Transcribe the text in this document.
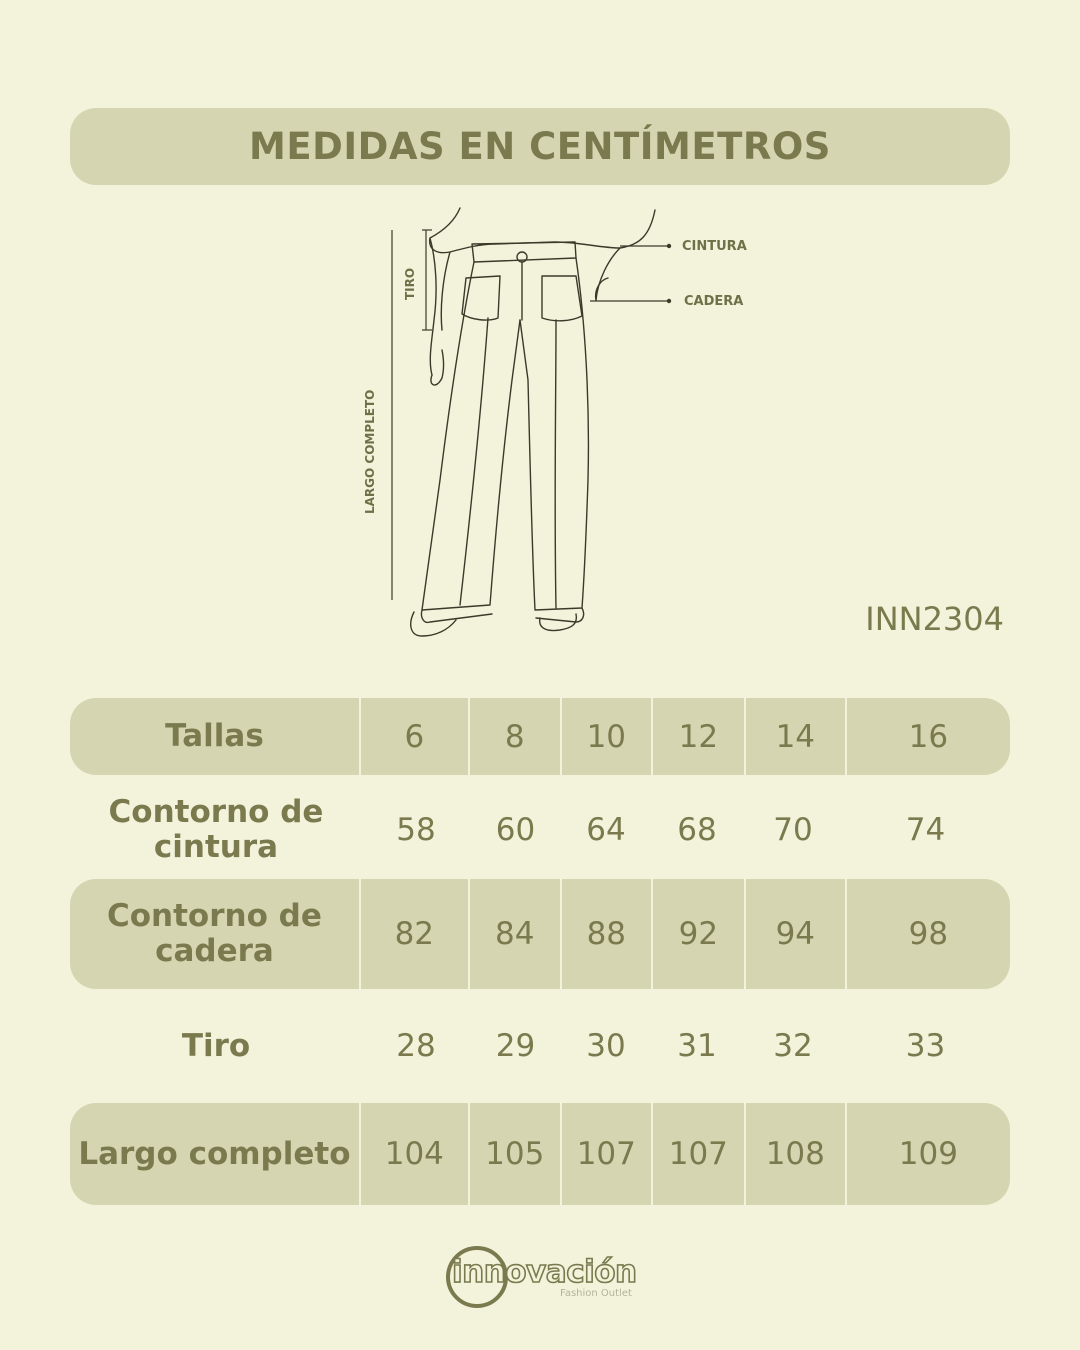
MEDIDAS EN CENTÍMETROS
CINTURA
CADERA
TIRO
LARGO COMPLETO
INN2304
Tallas	6	8	10	12	14	16
Contorno de cintura	58	60	64	68	70	74
Contorno de cadera	82	84	88	92	94	98
Tiro	28	29	30	31	32	33
Largo completo	104	105	107	107	108	109
innovación
Fashion Outlet
